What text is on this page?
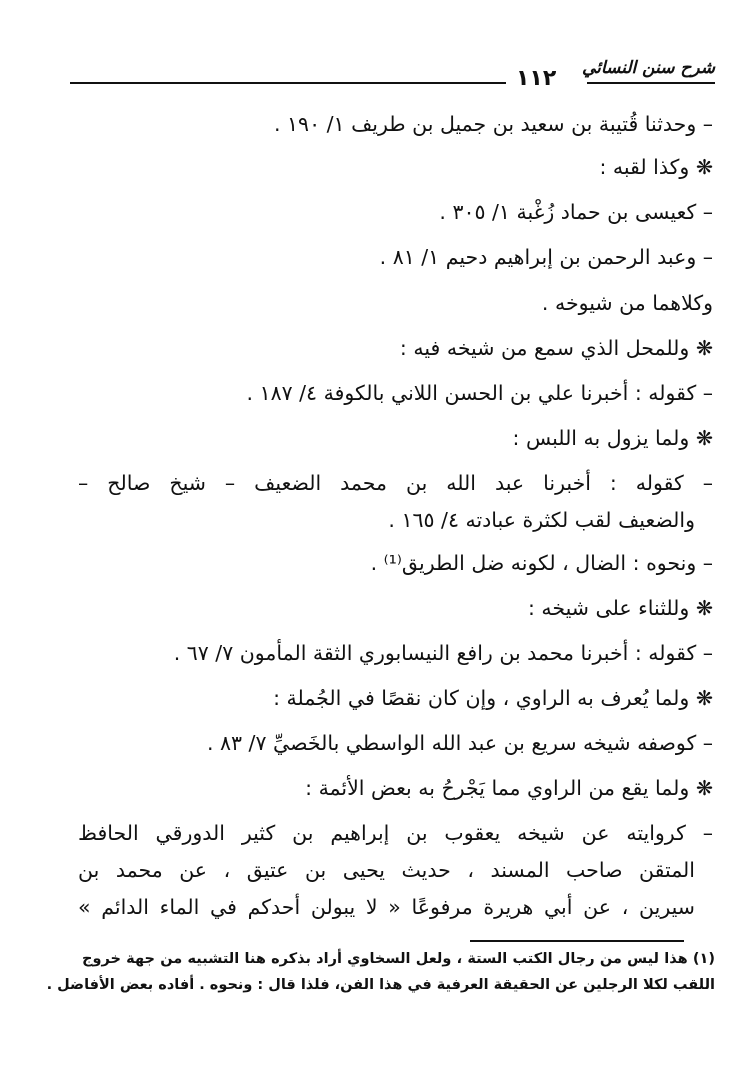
شرح سنن النسائي
١١٢
– وحدثنا قُتيبة بن سعيد بن جميل بن طريف ١/ ١٩٠ .
❋ وكذا لقبه :
– كعيسى بن حماد زُغْبة ١/ ٣٠٥ .
– وعبد الرحمن بن إبراهيم دحيم ١/ ٨١ .
وكلاهما من شيوخه .
❋ وللمحل الذي سمع من شيخه فيه :
– كقوله : أخبرنا علي بن الحسن اللاني بالكوفة ٤/ ١٨٧ .
❋ ولما يزول به اللبس :
– كقوله : أخبرنا عبد الله بن محمد الضعيف – شيخ صالح –
والضعيف لقب لكثرة عبادته ٤/ ١٦٥ .
– ونحوه : الضال ، لكونه ضل الطريق⁽¹⁾ .
❋ وللثناء على شيخه :
– كقوله : أخبرنا محمد بن رافع النيسابوري الثقة المأمون ٧/ ٦٧ .
❋ ولما يُعرف به الراوي ، وإن كان نقصًا في الجُملة :
– كوصفه شيخه سريع بن عبد الله الواسطي بالخَصيِّ ٧/ ٨٣ .
❋ ولما يقع من الراوي مما يَجْرحُ به بعض الأئمة :
– كروايته عن شيخه يعقوب بن إبراهيم بن كثير الدورقي الحافظ
المتقن صاحب المسند ، حديث يحيى بن عتيق ، عن محمد بن
سيرين ، عن أبي هريرة مرفوعًا « لا يبولن أحدكم في الماء الدائم »
(١) هذا ليس من رجال الكتب الستة ، ولعل السخاوي أراد بذكره هنا التشبيه من جهة خروج
اللقب لكلا الرجلين عن الحقيقة العرفية في هذا الفن، فلذا قال : ونحوه . أفاده بعض الأفاضل .
